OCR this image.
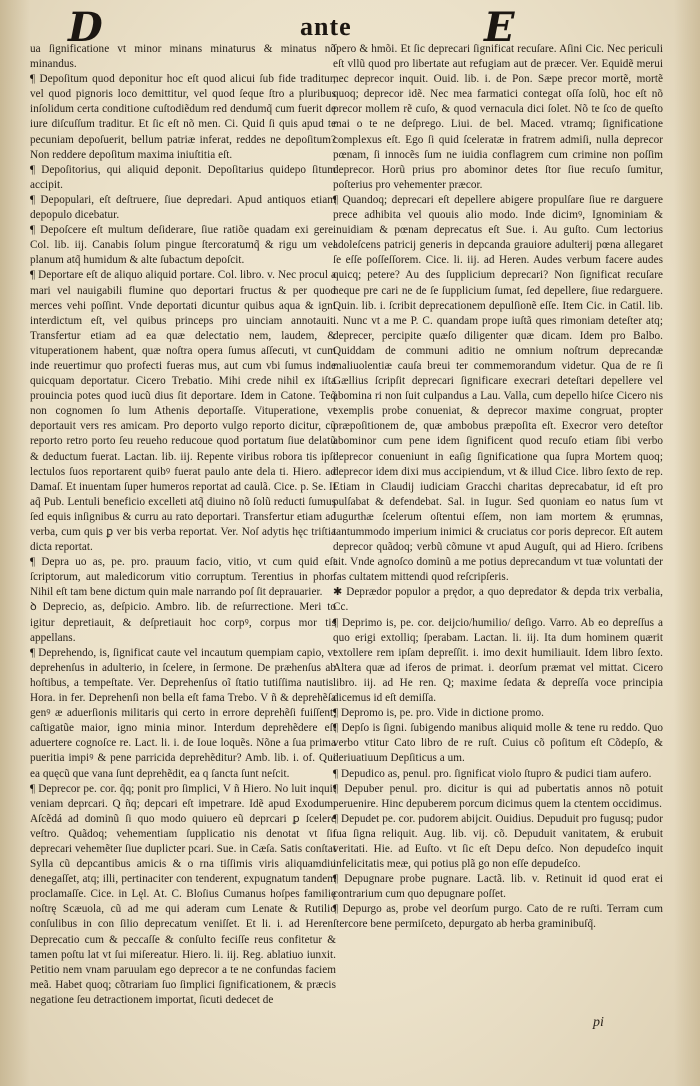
D	ante	E

ua ſignificatione vt minor minans minaturus & minatus nõ minandus.

¶ Depoſitum quod deponitur hoc eſt quod alicui ſub fide traditur, vel quod pignoris loco demittitur, vel quod ſeque ſtro a pluribus inſolidum certa conditione cuſtodiẽdum red dendumq̃ cum fuerit de iure diſcuſſum traditur. Et ſic eſt nõ men. Ci. Quid ſi quis apud te pecuniam depoſuerit, bellum patriæ inferat, reddes ne depoſitum? Non reddere depoſitum maxima iniuſtitia eſt.

¶ Depoſitorius, qui aliquid deponit. Depoſitarius quidepo ſitum accipit.

¶ Depopulari, eſt deſtruere, ſiue depredari. Apud antiquos etiam depopulo dicebatur.

¶ Depoſcere eſt multum deſiderare, ſiue ratiõe quadam exi gere. Col. lib. iij. Canabis ſolum pingue ſtercoratumq̃ & rigu um vel planum atq̃ humidum & alte ſubactum depoſcit.

¶ Deportare eſt de aliquo aliquid portare. Col. libro. v. Nec procul a mari vel nauigabili flumine quo deportari fructus & per quod merces vehi poſſint. Vnde deportati dicuntur quibus aqua & igni interdictum eſt, vel quibus princeps pro uinciam annotauit. Transfertur etiam ad ea quæ delectatio nem, laudem, & vituperationem habent, quæ noſtra opera ſumus aſſecuti, vt cum inde reuertimur quo profecti fueras mus, aut cum vbi ſumus inde quicquam deportatur. Cicero Trebatio. Mihi crede nihil ex iſta prouincia potes quod iucũ dius ſit deportare. Idem in Catone. Teq̃ non cognomen ſo lum Athenis deportaſſe. Vituperatione, vt deportauit vers res amicam. Pro deporto vulgo reporto dicitur, cũ reporto retro porto ſeu reueho reducoue quod portatum ſiue delatũ & deductum fuerat. Lactan. lib. iij. Repente viribus robora tis ipſi lectulos ſuos reportarent quibꝰ fuerat paulo ante dela ti. Hiero. ad Damaſ. Et inuentam ſuper humeros reportat ad caulã. Cice. p. Se. It aq̃ Pub. Lentuli beneficio excelleti atq̃ diuino nõ ſolũ reducti ſumus ſed equis inſignibus & curru au rato deportari. Transfertur etiam ad verba, cum quis ꝑ ver bis verba reportat. Ver. Noſ adytis hęc triſtia dicta reportat.

¶ Depra uo as, pe. pro. prauum facio, vitio, vt cum quid eſt ſcriptorum, aut maledicorum vitio corruptum. Terentius in phor. Nihil eſt tam bene dictum quin male narrando poſ ſit deprauarier.

ꝺ Deprecio, as, deſpicio. Ambro. lib. de reſurrectione. Meri to igitur depretiauit, & deſpretiauit hoc corpꝰ, corpus mor tis appellans.

¶ Deprehendo, is, ſignificat caute vel incautum quempiam capio, vt deprehenſus in adulterio, in ſcelere, in ſermone. De præhenſus ab hoſtibus, a tempeſtate. Ver. Deprehenſus oĩ ſtatio tutiſſima nautis. Hora. in fer. Deprehenſi non bella eſt fama Trebo. V ñ & deprehẽſa genꝰ æ aduerſionis militaris qui certo in errore deprehẽſi fuiſſent, caſtigatũe maior, igno minia minor. Interdum deprehẽdere eſt aduertere cognoſce re. Lact. li. i. de Ioue loquẽs. Nõne a ſua prima pueritia impiꝰ & pene parricida deprehẽditur? Amb. lib. i. of. Qui ea quęcũ que vana ſunt deprehẽdit, ea q ſancta ſunt neſcit.

¶ Deprecor pe. cor. q̃q; ponit pro ſimplici, V ñ Hiero. No luit inquit veniam deprcari. Q ñq; depcari eſt impetrare. Idẽ apud Exodum. Aſcẽdá ad dominũ ſi quo modo quiuero eũ deprcari ꝑ ſcelere veſtro. Quãdoq; vehementiam ſupplicatio nis denotat vt ſit deprecari vehemẽter ſiue duplicter pcari. Sue. in Cæſa. Satis conſtat Sylla cũ depcantibus amicis & o rna tiſſimis viris aliquamdiu denegaſſet, atq; illi, pertinaciter con tenderent, expugnatum tandem proclamaſſe. Cice. in Lęl. At. C. Bloſius Cumanus hoſpes familię noſtrę Scæuola, cũ ad me qui aderam cum Lenate & Rutilio conſulibus in con ſilio deprecatum veniſſet. Et li. i. ad Heren. Deprecatio cum & peccaſſe & conſulto feciſſe reus confitetur & tamen poſtu lat vt ſui miſereatur. Hiero. li. iij. Reg. ablatiuo iunxit. Petitio nem vnam paruulam ego deprecor a te ne confundas faciem meã. Habet quoq; cõtrariam ſuo ſimplici ſignificationem, & præcis negatione ſeu detractionem importat, ſicuti dedecet de

ſpero & hmõi. Et ſic deprecari ſignificat recuſare. Aſini Cic. Nec periculi eſt vllũ quod pro libertate aut refugiam aut de præcer. Ver. Equidẽ merui nec deprecor inquit. Ouid. lib. i. de Pon. Sæpe precor mortẽ, mortẽ quoq; deprecor idẽ. Nec mea farmatici contegat oſſa ſolũ, hoc eſt nõ precor mollem rẽ cuſo, & quod vernacula dici ſolet. Nõ te ſco de queſto mai o te ne deſprego. Liui. de bel. Maced. vtramq; ſignificatione complexus eſt. Ego ſi quid ſceleratæ in fratrem admiſi, nulla deprecor pœnam, ſi innocẽs ſum ne iuidia conflagrem cum crimine non poſſim deprecor. Horũ prius pro abominor detes ſtor ſiue recuſo ſumitur, poſterius pro vehementer præcor.

¶ Quandoq; deprecari eſt depellere abigere propulſare ſiue re darguere prece adhibita vel quouis alio modo. Inde dicimꝰ, Ignominiam & inuidiam & pœnam deprecatus eſt Sue. i. Au guſto. Cum lectorius adoleſcens patricij generis in depcanda grauiore adulterij pœna allegaret ſe eſſe poſſeſſorem. Cice. li. iij. ad Heren. Audes verbum facere audes quicq; petere? Au des ſupplicium deprecari? Non ſignificat recuſare neque pre cari ne de ſe ſupplicium ſumat, ſed depellere, ſiue redarguere. Quin. lib. i. ſcribit deprecationem depulſionẽ eſſe. Item Cic. in Catil. lib. i. Nunc vt a me P. C. quandam prope iuſtã ques rimoniam deteſter atq; deprecer, percipite quæſo diligenter quæ dicam. Idem pro Balbo. Quiddam de communi aditio ne omnium noſtrum deprecandæ maliuolentiæ cauſa breui ter commemorandum videtur. Qua de re ſi Gællius ſcripſit deprecari ſignificare execrari deteſtari depellere vel abomina ri non ſuit culpandus a Lau. Valla, cum depello hiſce Cicero nis exemplis probe conueniat, & deprecor maxime congruat, propter præpoſitionem de, quæ ambobus præpoſita eſt. Execror vero deteſtor abominor cum pene idem ſignificent quod recuſo etiam ſibi verbo deprecor conueniunt in eaſig ſignificatione qua ſupra Mortem quoq; deprecor idem dixi mus accipiendum, vt & illud Cice. libro ſexto de rep. Etiam in Claudij iudiciam Gracchi charitas deprecabatur, id eſt pro pulſabat & defendebat. Sal. in Iugur. Sed quoniam eo natus ſum vt Iugurthæ ſcelerum oſtentui eſſem, non iam mortem & ęrumnas, tantummodo imperium inimici & cruciatus cor poris deprecor. Eſt autem deprecor quãdoq; verbũ cõmune vt apud Auguſt, qui ad Hiero. ſcribens ait. Vnde agnoſco dominũ a me potius deprecandum vt tuæ voluntati der fas cultatem mittendi quod reſcripſeris.

✱ Deprædor populor a prędor, a quo depredator & depda trix verbalia, Cc.

¶ Deprimo is, pe. cor. deijcio/humilio/ deſigo. Varro. Ab eo depreſſus a quo erigi extolliq; ſperabam. Lactan. li. iij. Ita dum hominem quærit extollere rem ipſam depreſſit. i. imo dexit humiliauit. Idem libro ſexto. Altera quæ ad iferos de primat. i. deorſum præmat vel mittat. Cicero libro. iij. ad He ren. Q; maxime ſedata & depreſſa voce principia dicemus id eſt demiſſa.

¶ Depromo is, pe. pro. Vide in dictione promo.

¶ Depſo is ſigni. ſubigendo manibus aliquid molle & tene ru reddo. Quo verbo vtitur Cato libro de re ruſt. Cuius cõ poſitum eſt Cõdepſo, & deriuatiuum Depſiticus a um.

¶ Depudico as, penul. pro. ſignificat violo ſtupro & pudici tiam aufero.

¶ Depuber penul. pro. dicitur is qui ad pubertatis annos nõ potuit peruenire. Hinc depuberem porcum dicimus quem la ctentem occidimus.

¶ Depudet pe. cor. pudorem abijcit. Ouidius. Depuduit pro fugusq; pudor ſua ſigna reliquit. Aug. lib. vij. cõ. Depuduit vanitatem, & erubuit veritati. Hie. ad Euſto. vt ſic eſt Depu deſco. Non depudeſco inquit infelicitatis meæ, qui potius plã go non eſſe depudeſco.

¶ Depugnare probe pugnare. Lactã. lib. v. Retinuit id quod erat ei contrarium cum quo depugnare poſſet.

¶ Depurgo as, probe vel deorſum purgo. Cato de re ruſti. Terram cum ſtercore bene permiſceto, depurgato ab herba graminibuſq̃.

pi
